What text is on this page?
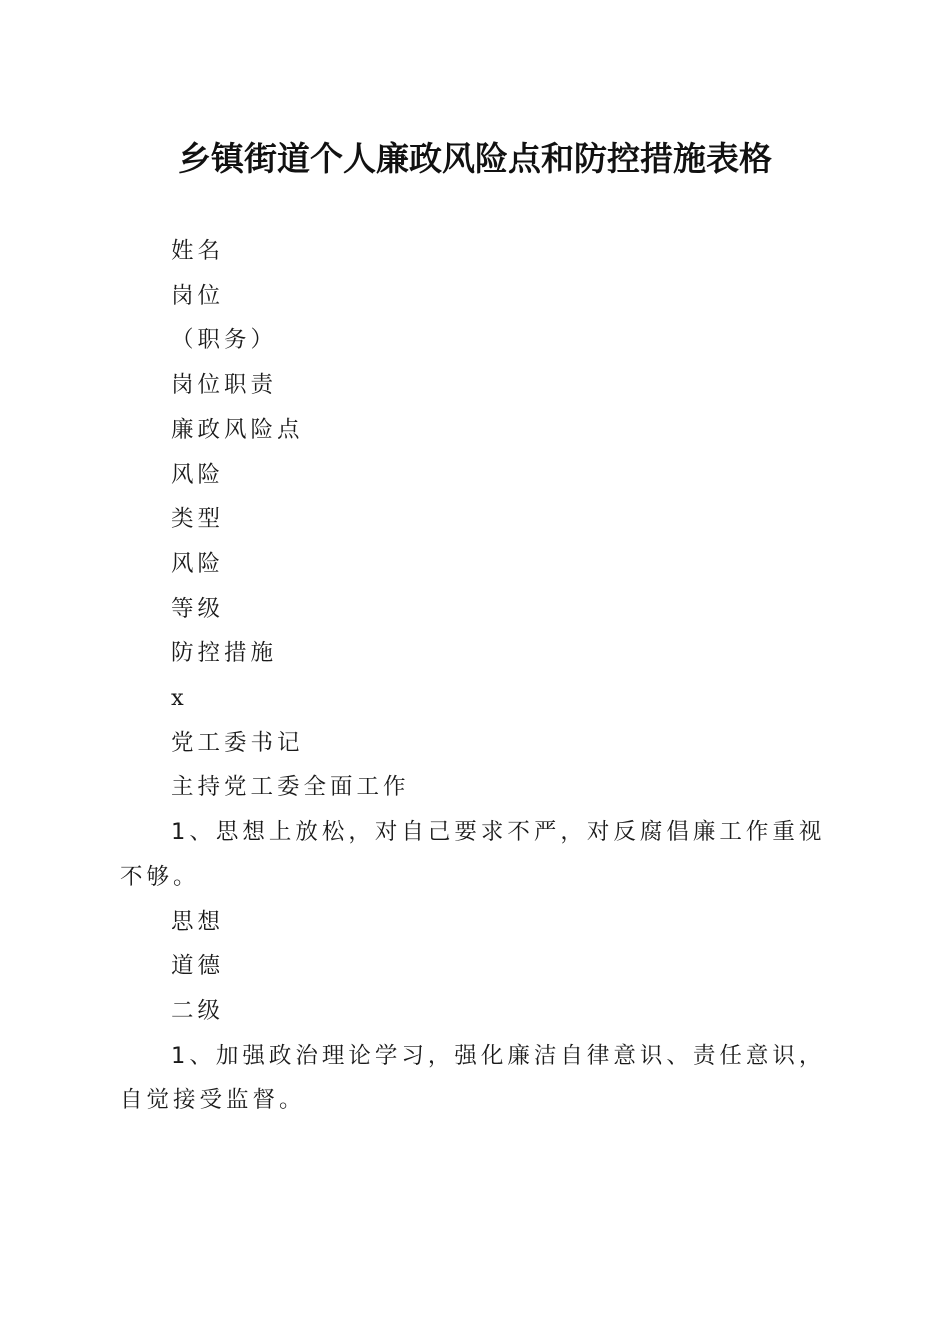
乡镇街道个人廉政风险点和防控措施表格

姓名

岗位

（职务）

岗位职责

廉政风险点

风险

类型

风险

等级

防控措施

x

党工委书记

主持党工委全面工作

1、思想上放松，对自己要求不严，对反腐倡廉工作重视不够。

思想

道德

二级

1、加强政治理论学习，强化廉洁自律意识、责任意识，自觉接受监督。
